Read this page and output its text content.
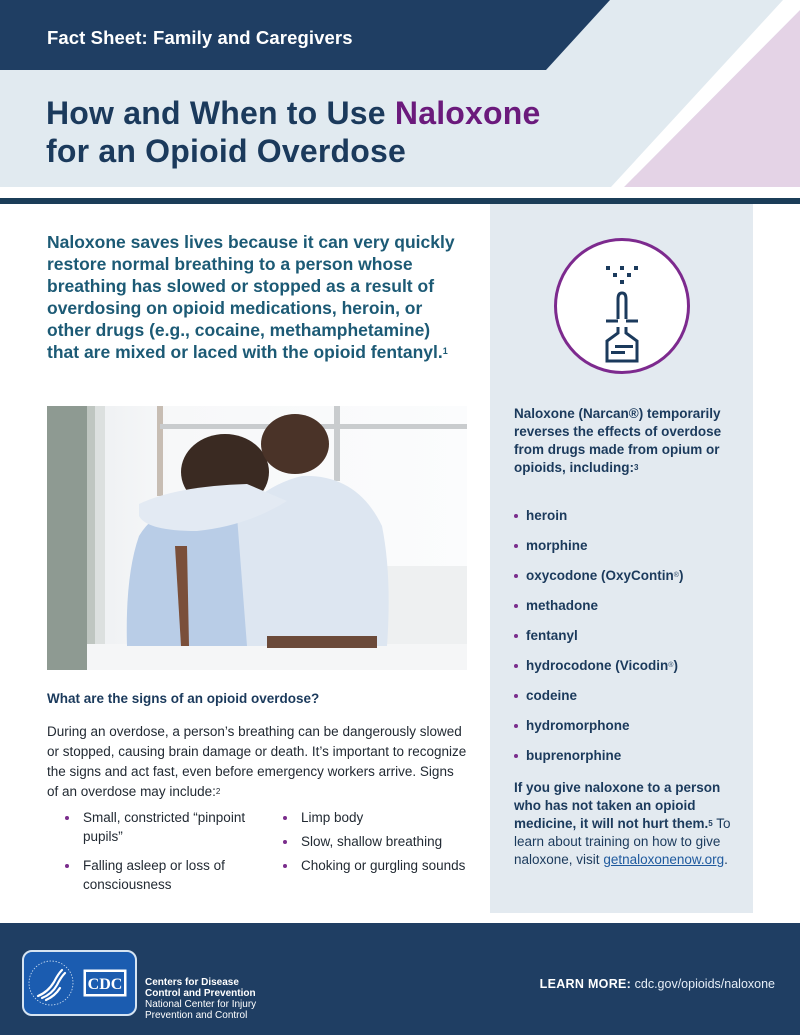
Fact Sheet: Family and Caregivers
How and When to Use Naloxone
for an Opioid Overdose

Naloxone saves lives because it can very quickly restore normal breathing to a person whose breathing has slowed or stopped as a result of overdosing on opioid medications, heroin, or other drugs (e.g., cocaine, methamphetamine) that are mixed or laced with the opioid fentanyl.$^1$

What are the signs of an opioid overdose?

During an overdose, a person’s breathing can be dangerously slowed or stopped, causing brain damage or death. It’s important to recognize the signs and act fast, even before emergency workers arrive. Signs of an overdose may include:$^2$

Small, constricted “pinpoint pupils”
Falling asleep or loss of consciousness
Limp body
Slow, shallow breathing
Choking or gurgling sounds

Naloxone (Narcan®) temporarily reverses the effects of overdose from drugs made from opium or opioids, including:$^3$

heroin
morphine
oxycodone (OxyContin®)
methadone
fentanyl
hydrocodone (Vicodin®)
codeine
hydromorphone
buprenorphine

If you give naloxone to a person who has not taken an opioid medicine, it will not hurt them.$^5$ To learn about training on how to give naloxone, visit getnaloxonenow.org.

CDC Centers for Disease
Control and Prevention
National Center for Injury
Prevention and Control
LEARN MORE: cdc.gov/opioids/naloxone
